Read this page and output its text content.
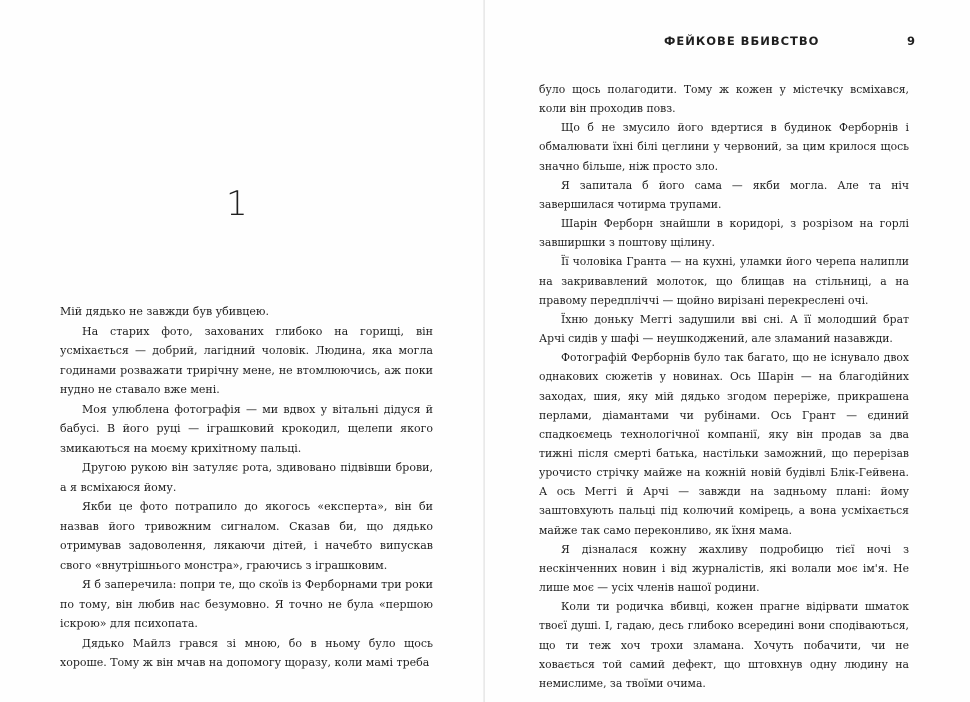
1

Мій дядько не завжди був убивцею.

На старих фото, захованих глибоко на горищі, він усміхається — добрий, лагідний чоловік. Людина, яка могла годинами розважати трирічну мене, не втомлюючись, аж поки нудно не ставало вже мені.

Моя улюблена фотографія — ми вдвох у вітальні дідуся й бабусі. В його руці — іграшковий крокодил, щелепи якого змикаються на моєму крихітному пальці.

Другою рукою він затуляє рота, здивовано підвівши брови, а я всміхаюся йому.

Якби це фото потрапило до якогось «експерта», він би назвав його тривожним сигналом. Сказав би, що дядько отримував задоволення, лякаючи дітей, і начебто випускав свого «внутрішнього монстра», граючись з іграшковим.

Я б заперечила: попри те, що скоїв із Ферборнами три роки по тому, він любив нас безумовно. Я точно не була «першою іскрою» для психопата.

Дядько Майлз грався зі мною, бо в ньому було щось хороше. Тому ж він мчав на допомогу щоразу, коли мамі треба

ФЕЙКОВЕ ВБИВСТВО	9

було щось полагодити. Тому ж кожен у містечку всміхався, коли він проходив повз.

Що б не змусило його вдертися в будинок Ферборнів і обмалювати їхні білі цеглини у червоний, за цим крилося щось значно більше, ніж просто зло.

Я запитала б його сама — якби могла. Але та ніч завершилася чотирма трупами.

Шарін Ферборн знайшли в коридорі, з розрізом на горлі завширшки з поштову щілину.

Її чоловіка Гранта — на кухні, уламки його черепа налипли на закривавлений молоток, що блищав на стільниці, а на правому передпліччі — щойно вирізані перекреслені очі.

Їхню доньку Меггі задушили вві сні. А її молодший брат Арчі сидів у шафі — неушкоджений, але зламаний назавжди.

Фотографій Ферборнів було так багато, що не існувало двох однакових сюжетів у новинах. Ось Шарін — на благодійних заходах, шия, яку мій дядько згодом переріже, прикрашена перлами, діамантами чи рубінами. Ось Грант — єдиний спадкоємець технологічної компанії, яку він продав за два тижні після смерті батька, настільки заможний, що перерізав урочисто стрічку майже на кожній новій будівлі Блік-Гейвена. А ось Меггі й Арчі — завжди на задньому плані: йому заштовхують пальці під колючий комірець, а вона усміхається майже так само переконливо, як їхня мама.

Я дізналася кожну жахливу подробицю тієї ночі з нескінченних новин і від журналістів, які волали моє ім'я. Не лише моє — усіх членів нашої родини.

Коли ти родичка вбивці, кожен прагне відірвати шматок твоєї душі. І, гадаю, десь глибоко всередині вони сподіваються, що ти теж хоч трохи зламана. Хочуть побачити, чи не ховається той самий дефект, що штовхнув одну людину на немислиме, за твоїми очима.
